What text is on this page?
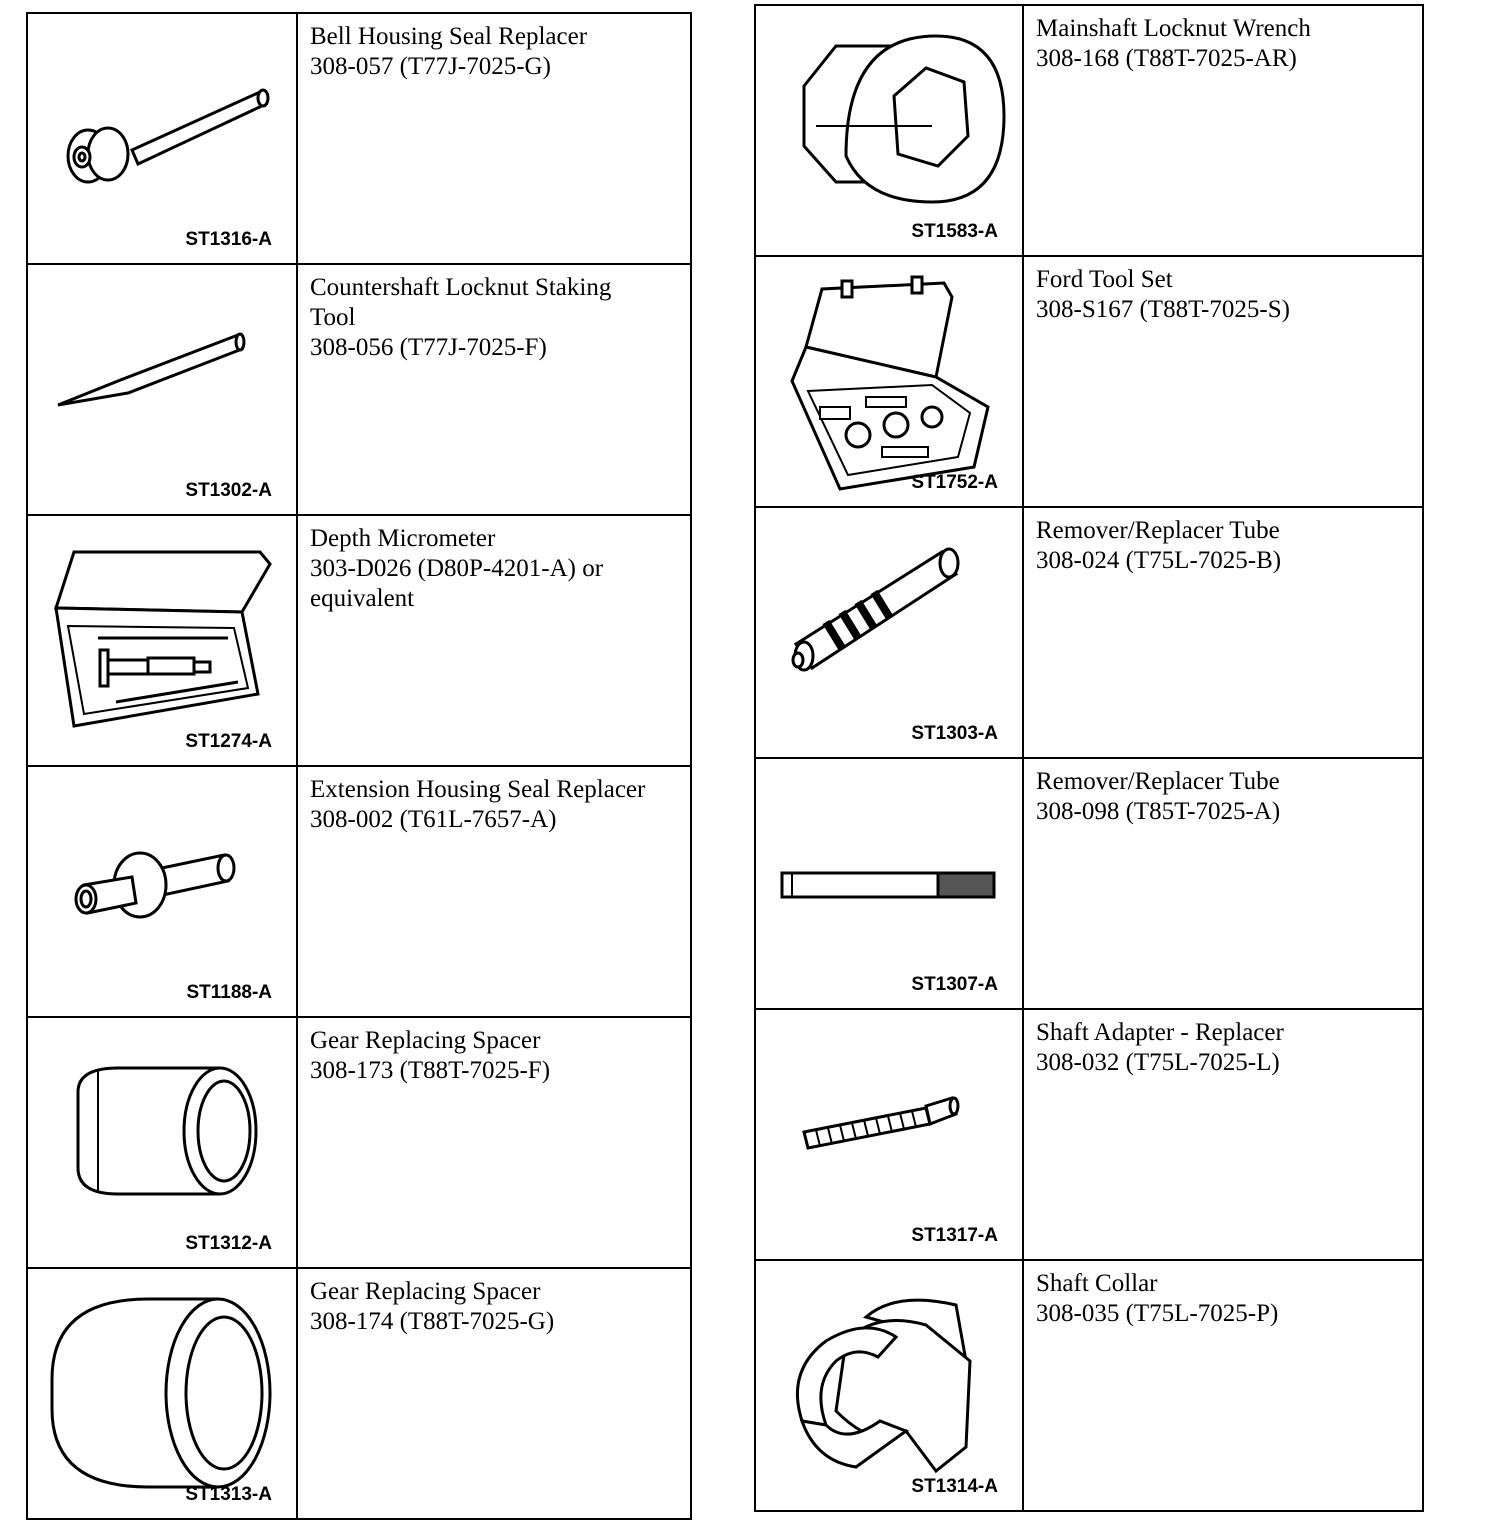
ST1316-A	Bell Housing Seal Replacer
308-057 (T77J-7025-G)

ST1302-A	Countershaft Locknut Staking
Tool
308-056 (T77J-7025-F)

ST1274-A	Depth Micrometer
303-D026 (D80P-4201-A) or
equivalent

ST1188-A	Extension Housing Seal Replacer
308-002 (T61L-7657-A)

ST1312-A	Gear Replacing Spacer
308-173 (T88T-7025-F)

ST1313-A	Gear Replacing Spacer
308-174 (T88T-7025-G)
ST1583-A	Mainshaft Locknut Wrench
308-168 (T88T-7025-AR)

ST1752-A	Ford Tool Set
308-S167 (T88T-7025-S)

ST1303-A	Remover/Replacer Tube
308-024 (T75L-7025-B)

ST1307-A	Remover/Replacer Tube
308-098 (T85T-7025-A)

ST1317-A	Shaft Adapter - Replacer
308-032 (T75L-7025-L)

ST1314-A	Shaft Collar
308-035 (T75L-7025-P)
